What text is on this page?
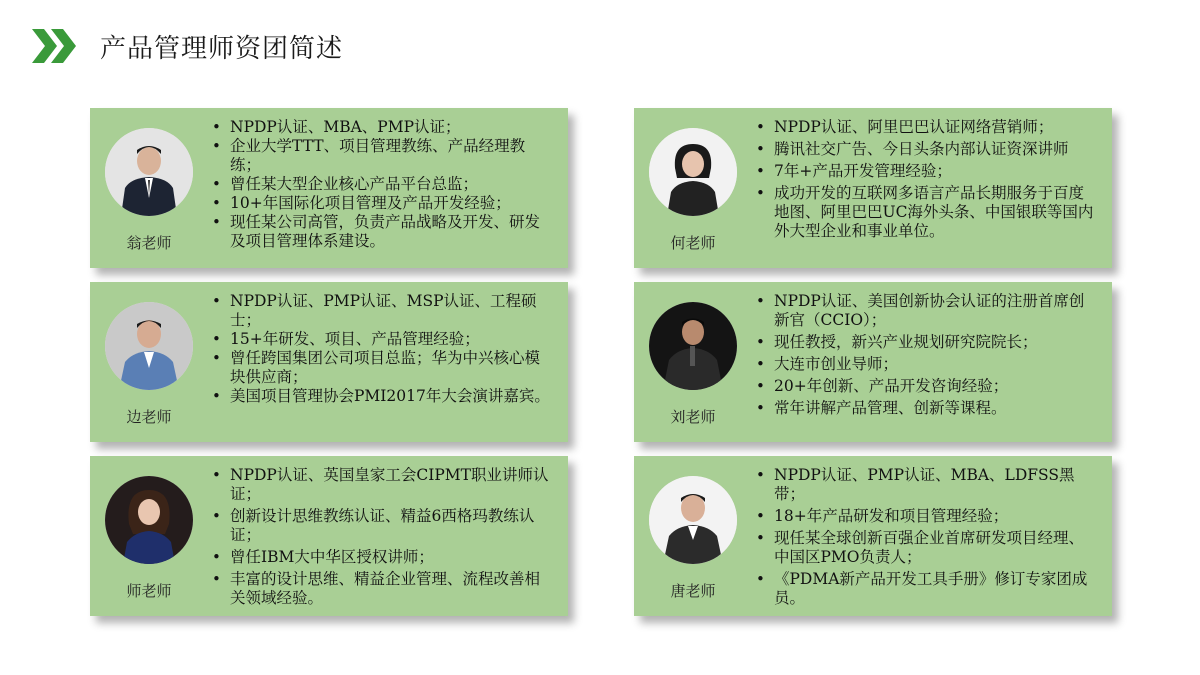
产品管理师资团简述
翁老师
• NPDP认证、MBA、PMP认证；
• 企业大学TTT、项目管理教练、产品经理教练；
• 曾任某大型企业核心产品平台总监；
• 10+年国际化项目管理及产品开发经验；
• 现任某公司高管，负责产品战略及开发、研发及项目管理体系建设。	何老师
• NPDP认证、阿里巴巴认证网络营销师；
• 腾讯社交广告、今日头条内部认证资深讲师
• 7年+产品开发管理经验；
• 成功开发的互联网多语言产品长期服务于百度地图、阿里巴巴UC海外头条、中国银联等国内外大型企业和事业单位。
边老师
• NPDP认证、PMP认证、MSP认证、工程硕士；
• 15+年研发、项目、产品管理经验；
• 曾任跨国集团公司项目总监；华为中兴核心模块供应商；
• 美国项目管理协会PMI2017年大会演讲嘉宾。
刘老师
• NPDP认证、美国创新协会认证的注册首席创新官（CCIO）；
• 现任教授，新兴产业规划研究院院长；
• 大连市创业导师；
• 20+年创新、产品开发咨询经验；
• 常年讲解产品管理、创新等课程。
师老师
• NPDP认证、英国皇家工会CIPMT职业讲师认证；
• 创新设计思维教练认证、精益6西格玛教练认证；
• 曾任IBM大中华区授权讲师；
• 丰富的设计思维、精益企业管理、流程改善相关领域经验。	唐老师
• NPDP认证、PMP认证、MBA、LDFSS黑带；
• 18+年产品研发和项目管理经验；
• 现任某全球创新百强企业首席研发项目经理、中国区PMO负责人；
• 《PDMA新产品开发工具手册》修订专家团成员。
